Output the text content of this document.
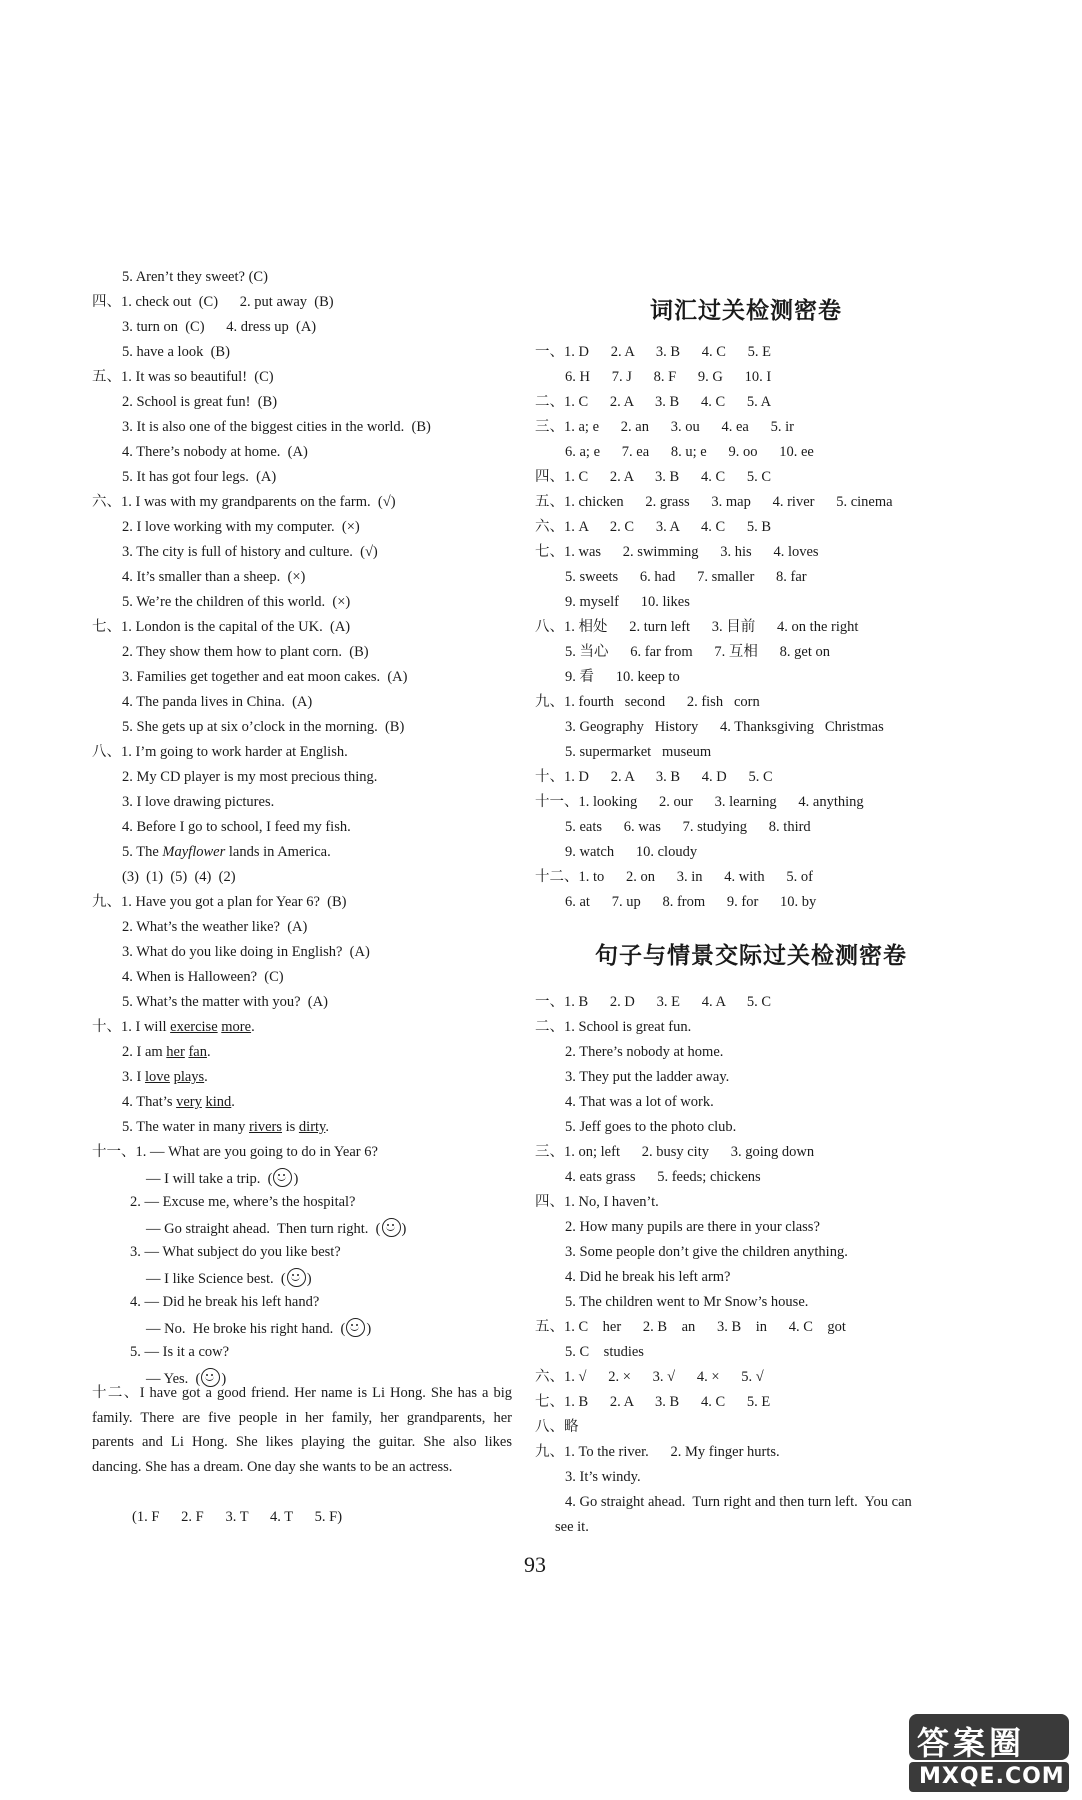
5. Aren’t they sweet? (C)
四、1. check out  (C)      2. put away  (B)
3. turn on  (C)      4. dress up  (A)
5. have a look  (B)
五、1. It was so beautiful!  (C)
2. School is great fun!  (B)
3. It is also one of the biggest cities in the world.  (B)
4. There’s nobody at home.  (A)
5. It has got four legs.  (A)
六、1. I was with my grandparents on the farm.  (√)
2. I love working with my computer.  (×)
3. The city is full of history and culture.  (√)
4. It’s smaller than a sheep.  (×)
5. We’re the children of this world.  (×)
七、1. London is the capital of the UK.  (A)
2. They show them how to plant corn.  (B)
3. Families get together and eat moon cakes.  (A)
4. The panda lives in China.  (A)
5. She gets up at six o’clock in the morning.  (B)
八、1. I’m going to work harder at English.
2. My CD player is my most precious thing.
3. I love drawing pictures.
4. Before I go to school, I feed my fish.
5. The Mayflower lands in America.
(3)  (1)  (5)  (4)  (2)
九、1. Have you got a plan for Year 6?  (B)
2. What’s the weather like?  (A)
3. What do you like doing in English?  (A)
4. When is Halloween?  (C)
5. What’s the matter with you?  (A)
十、1. I will exercise more.
2. I am her fan.
3. I love plays.
4. That’s very kind.
5. The water in many rivers is dirty.
十一、1. — What are you going to do in Year 6?
— I will take a trip.  ( )
2. — Excuse me, where’s the hospital?
— Go straight ahead.  Then turn right.  ( )
3. — What subject do you like best?
— I like Science best.  ( )
4. — Did he break his left hand?
— No.  He broke his right hand.  ( )
5. — Is it a cow?
— Yes.  ( )
十二、I have got a good friend. Her name is Li Hong. She has a big family. There are five people in her family, her grandparents, her parents and Li Hong. She likes playing the guitar. She also likes dancing. She has a dream. One day she wants to be an actress.
(1. F      2. F      3. T      4. T      5. F)
词汇过关检测密卷
句子与情景交际过关检测密卷
一、1. D      2. A      3. B      4. C      5. E
6. H      7. J      8. F      9. G      10. I
二、1. C      2. A      3. B      4. C      5. A
三、1. a; e      2. an      3. ou      4. ea      5. ir
6. a; e      7. ea      8. u; e      9. oo      10. ee
四、1. C      2. A      3. B      4. C      5. C
五、1. chicken      2. grass      3. map      4. river      5. cinema
六、1. A      2. C      3. A      4. C      5. B
七、1. was      2. swimming      3. his      4. loves
5. sweets      6. had      7. smaller      8. far
9. myself      10. likes
八、1. 相处      2. turn left      3. 目前      4. on the right
5. 当心      6. far from      7. 互相      8. get on
9. 看      10. keep to
九、1. fourth   second      2. fish   corn
3. Geography   History      4. Thanksgiving   Christmas
5. supermarket   museum
十、1. D      2. A      3. B      4. D      5. C
十一、1. looking      2. our      3. learning      4. anything
5. eats      6. was      7. studying      8. third
9. watch      10. cloudy
十二、1. to      2. on      3. in      4. with      5. of
6. at      7. up      8. from      9. for      10. by
一、1. B      2. D      3. E      4. A      5. C
二、1. School is great fun.
2. There’s nobody at home.
3. They put the ladder away.
4. That was a lot of work.
5. Jeff goes to the photo club.
三、1. on; left      2. busy city      3. going down
4. eats grass      5. feeds; chickens
四、1. No, I haven’t.
2. How many pupils are there in your class?
3. Some people don’t give the children anything.
4. Did he break his left arm?
5. The children went to Mr Snow’s house.
五、1. C    her      2. B    an      3. B    in      4. C    got
5. C    studies
六、1. √      2. ×      3. √      4. ×      5. √
七、1. B      2. A      3. B      4. C      5. E
八、略
九、1. To the river.      2. My finger hurts.
3. It’s windy.
4. Go straight ahead.  Turn right and then turn left.  You can
see it.
93
答案圈
MXQE.COM
